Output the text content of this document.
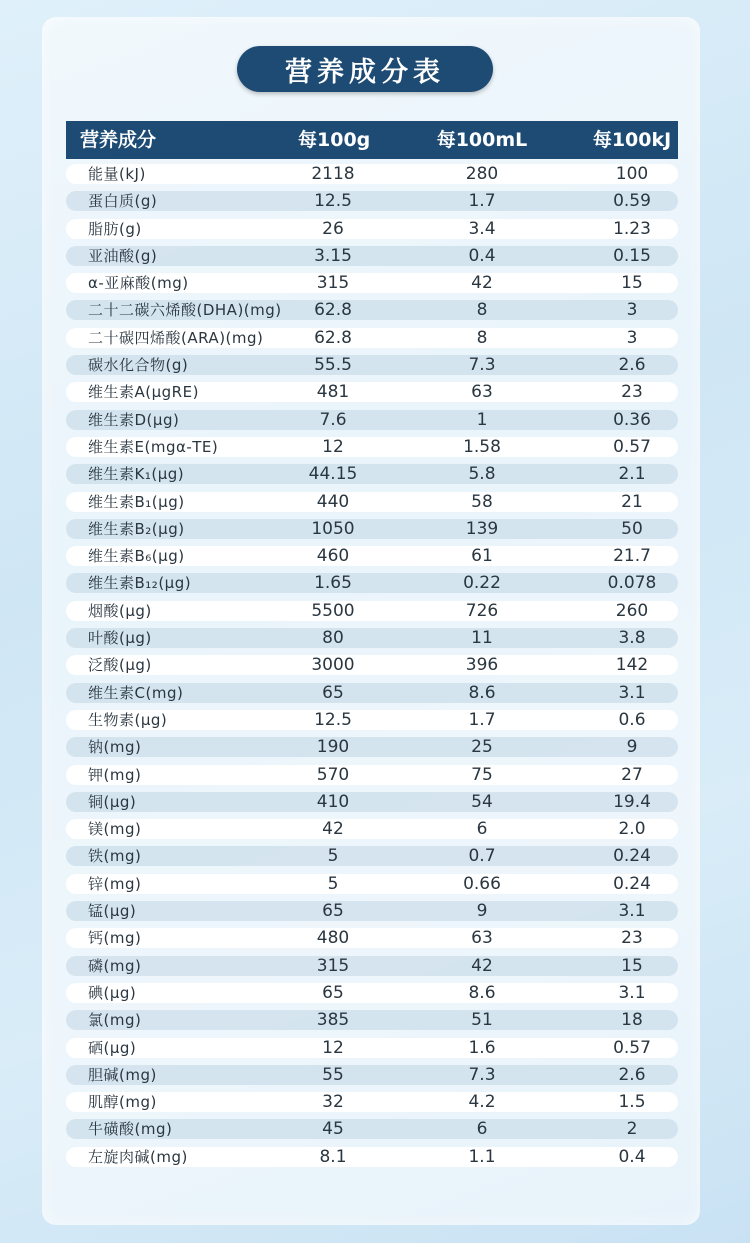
营养成分表
营养成分	每100g	每100mL	每100kJ
能量(kJ)	2118	280	100
蛋白质(g)	12.5	1.7	0.59
脂肪(g)	26	3.4	1.23
亚油酸(g)	3.15	0.4	0.15
α-亚麻酸(mg)	315	42	15
二十二碳六烯酸(DHA)(mg)	62.8	8	3
二十碳四烯酸(ARA)(mg)	62.8	8	3
碳水化合物(g)	55.5	7.3	2.6
维生素A(μgRE)	481	63	23
维生素D(μg)	7.6	1	0.36
维生素E(mgα-TE)	12	1.58	0.57
维生素K₁(μg)	44.15	5.8	2.1
维生素B₁(μg)	440	58	21
维生素B₂(μg)	1050	139	50
维生素B₆(μg)	460	61	21.7
维生素B₁₂(μg)	1.65	0.22	0.078
烟酸(μg)	5500	726	260
叶酸(μg)	80	11	3.8
泛酸(μg)	3000	396	142
维生素C(mg)	65	8.6	3.1
生物素(μg)	12.5	1.7	0.6
钠(mg)	190	25	9
钾(mg)	570	75	27
铜(μg)	410	54	19.4
镁(mg)	42	6	2.0
铁(mg)	5	0.7	0.24
锌(mg)	5	0.66	0.24
锰(μg)	65	9	3.1
钙(mg)	480	63	23
磷(mg)	315	42	15
碘(μg)	65	8.6	3.1
氯(mg)	385	51	18
硒(μg)	12	1.6	0.57
胆碱(mg)	55	7.3	2.6
肌醇(mg)	32	4.2	1.5
牛磺酸(mg)	45	6	2
左旋肉碱(mg)	8.1	1.1	0.4
